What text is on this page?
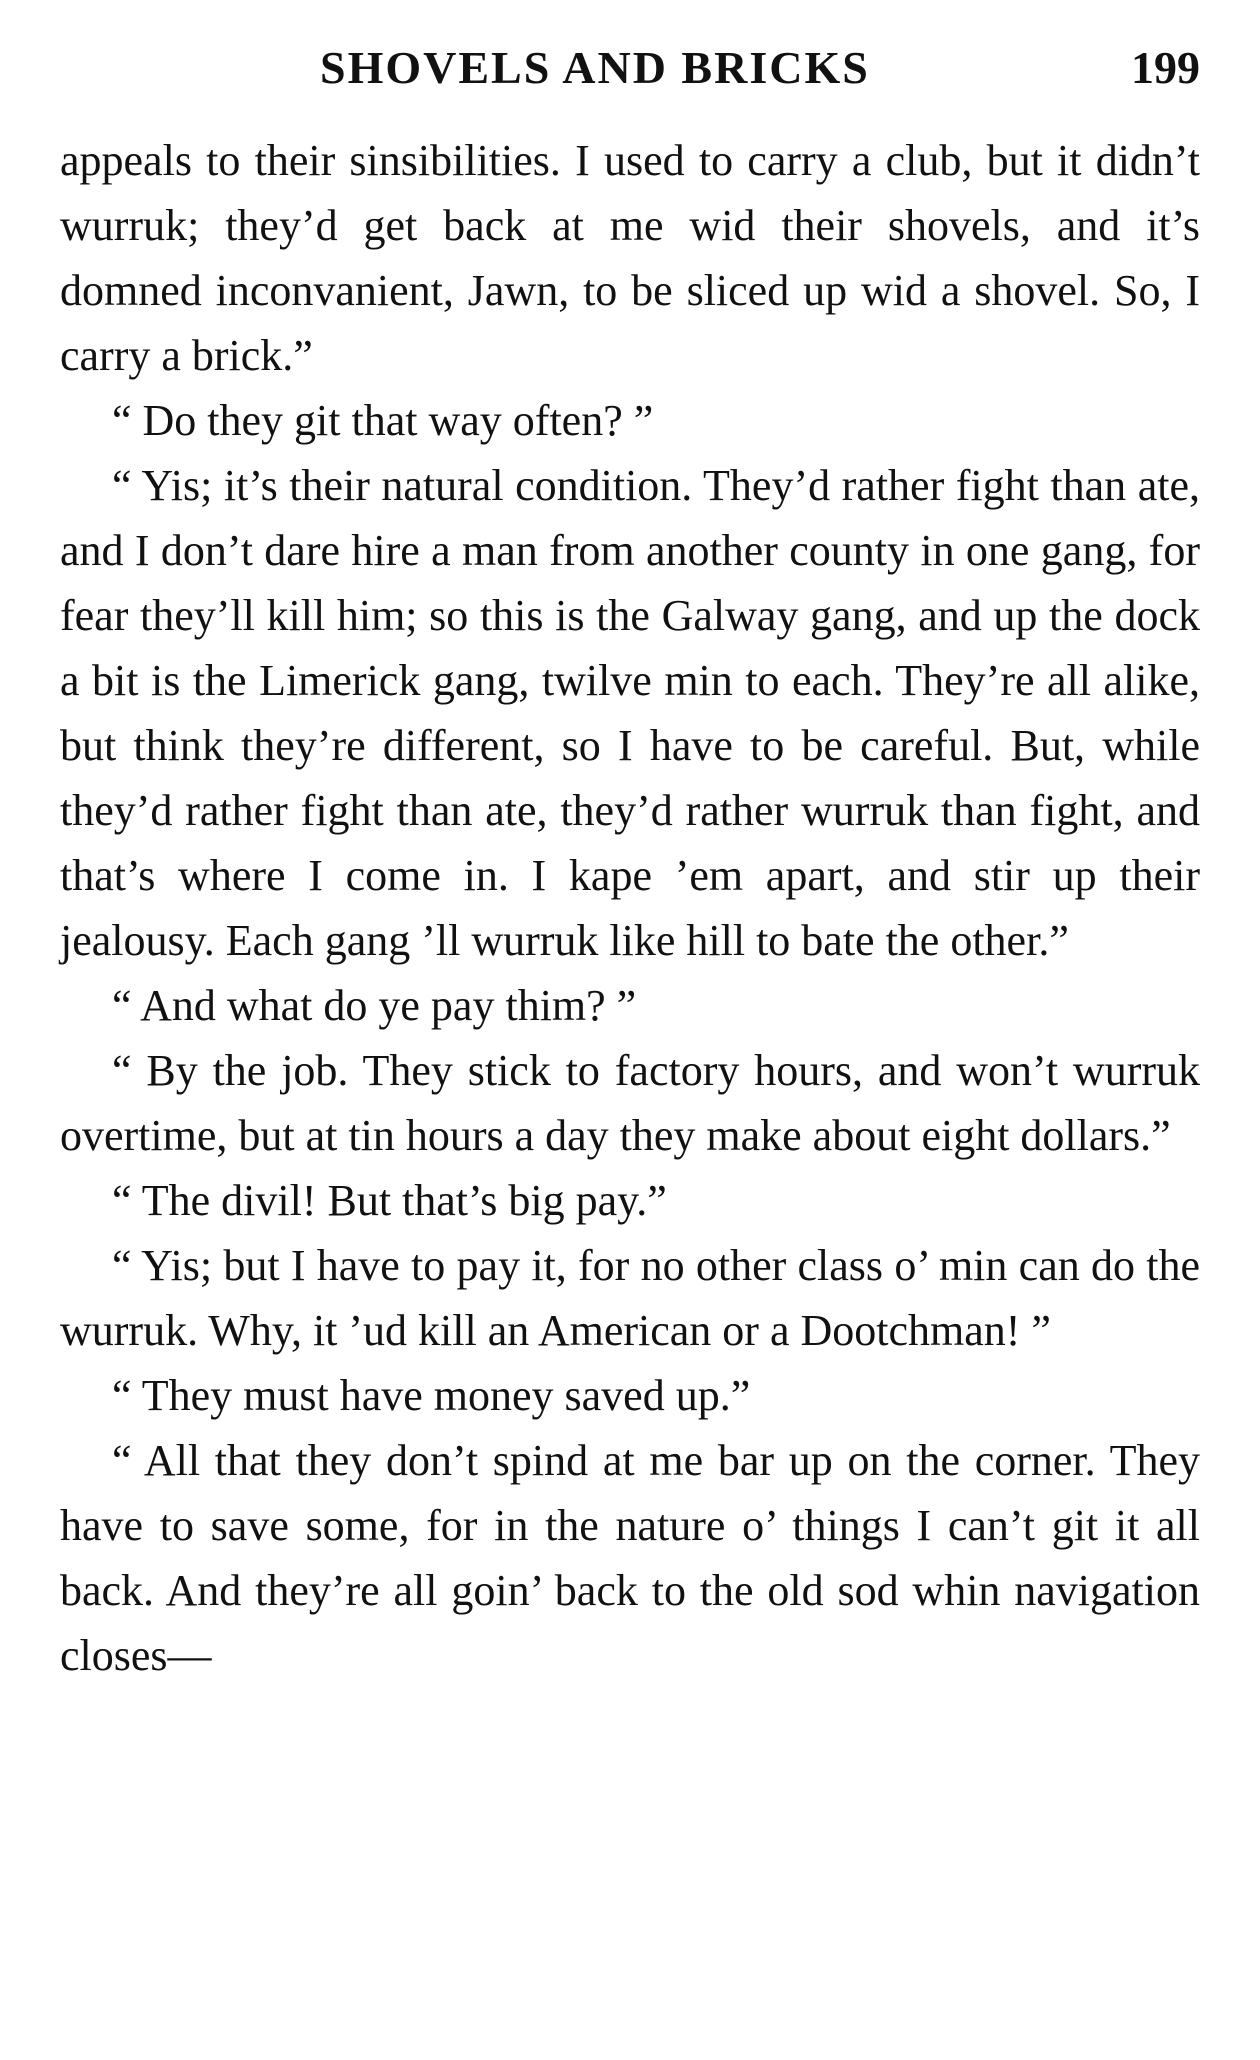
SHOVELS AND BRICKS	199

appeals to their sinsibilities. I used to carry a club, but it didn’t wurruk; they’d get back at me wid their shovels, and it’s domned inconvanient, Jawn, to be sliced up wid a shovel. So, I carry a brick.”

“ Do they git that way often? ”

“ Yis; it’s their natural condition. They’d rather fight than ate, and I don’t dare hire a man from another county in one gang, for fear they’ll kill him; so this is the Galway gang, and up the dock a bit is the Limerick gang, twilve min to each. They’re all alike, but think they’re different, so I have to be careful. But, while they’d rather fight than ate, they’d rather wurruk than fight, and that’s where I come in. I kape ’em apart, and stir up their jealousy. Each gang ’ll wurruk like hill to bate the other.”

“ And what do ye pay thim? ”

“ By the job. They stick to factory hours, and won’t wurruk overtime, but at tin hours a day they make about eight dollars.”

“ The divil! But that’s big pay.”

“ Yis; but I have to pay it, for no other class o’ min can do the wurruk. Why, it ’ud kill an American or a Dootchman! ”

“ They must have money saved up.”

“ All that they don’t spind at me bar up on the corner. They have to save some, for in the nature o’ things I can’t git it all back. And they’re all goin’ back to the old sod whin navigation closes—
